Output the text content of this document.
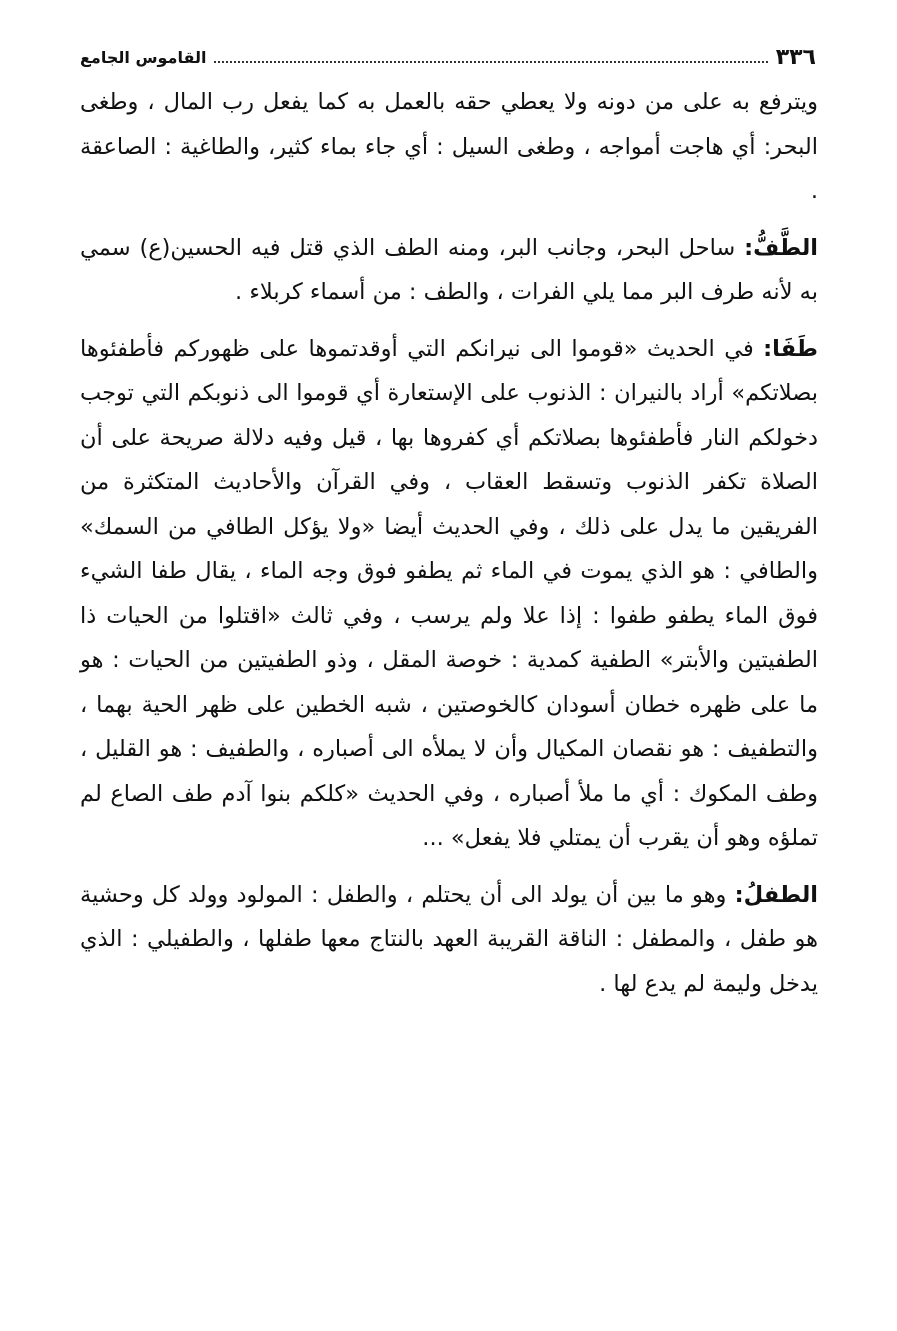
٣٣٦
القاموس الجامع

ويترفع به على من دونه ولا يعطي حقه بالعمل به كما يفعل رب المال ، وطغى البحر: أي هاجت أمواجه ، وطغى السيل : أي جاء بماء كثير، والطاغية : الصاعقة .

الطَّفُّ: ساحل البحر، وجانب البر، ومنه الطف الذي قتل فيه الحسين(ع) سمي به لأنه طرف البر مما يلي الفرات ، والطف : من أسماء كربلاء .

طَفَا: في الحديث «قوموا الى نيرانكم التي أوقدتموها على ظهوركم فأطفئوها بصلاتكم» أراد بالنيران : الذنوب على الإستعارة أي قوموا الى ذنوبكم التي توجب دخولكم النار فأطفئوها بصلاتكم أي كفروها بها ، قيل وفيه دلالة صريحة على أن الصلاة تكفر الذنوب وتسقط العقاب ، وفي القرآن والأحاديث المتكثرة من الفريقين ما يدل على ذلك ، وفي الحديث أيضا «ولا يؤكل الطافي من السمك» والطافي : هو الذي يموت في الماء ثم يطفو فوق وجه الماء ، يقال طفا الشيء فوق الماء يطفو طفوا : إذا علا ولم يرسب ، وفي ثالث «اقتلوا من الحيات ذا الطفيتين والأبتر» الطفية كمدية : خوصة المقل ، وذو الطفيتين من الحيات : هو ما على ظهره خطان أسودان كالخوصتين ، شبه الخطين على ظهر الحية بهما ، والتطفيف : هو نقصان المكيال وأن لا يملأه الى أصباره ، والطفيف : هو القليل ، وطف المكوك : أي ما ملأ أصباره ، وفي الحديث «كلكم بنوا آدم طف الصاع لم تملؤه وهو أن يقرب أن يمتلي فلا يفعل» ...

الطفلُ: وهو ما بين أن يولد الى أن يحتلم ، والطفل : المولود وولد كل وحشية هو طفل ، والمطفل : الناقة القريبة العهد بالنتاج معها طفلها ، والطفيلي : الذي يدخل وليمة لم يدع لها .
